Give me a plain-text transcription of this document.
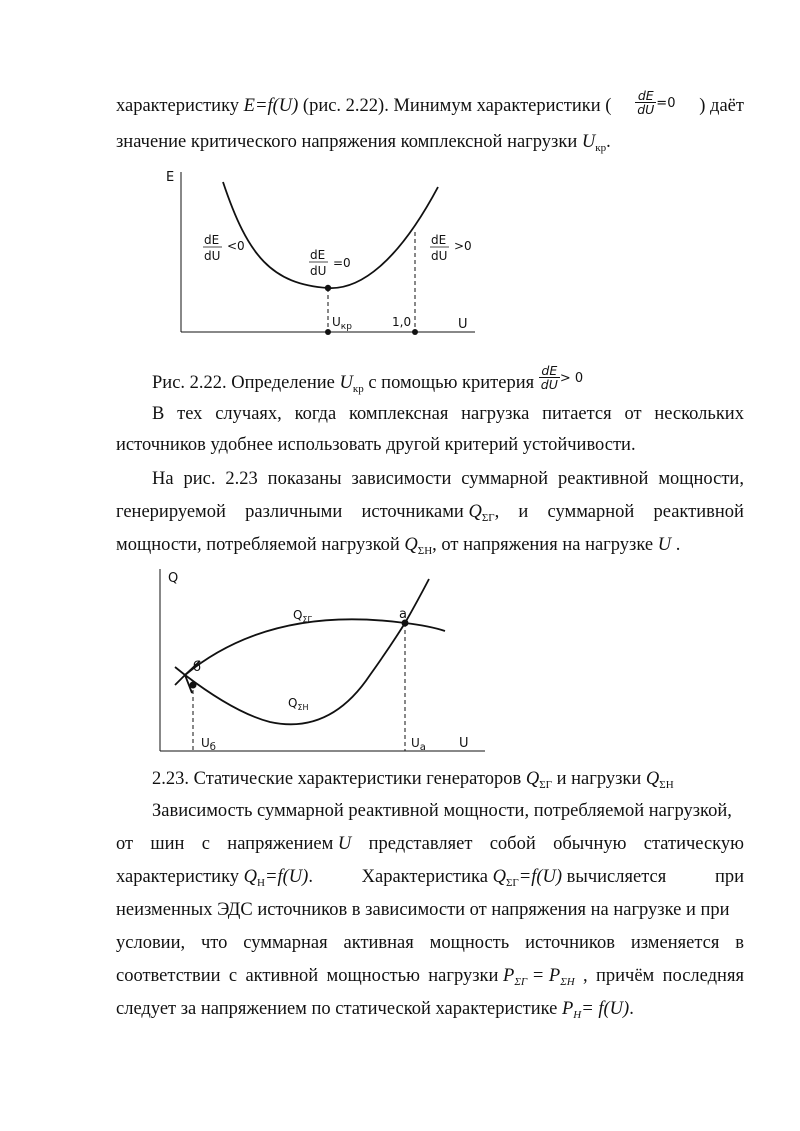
характеристику E=f(U) (рис. 2.22). Минимум характеристики ( $\frac{dE}{dU} =0$ ) даёт
значение критического напряжения комплексной нагрузки $U_{кр}$.
E
U
dE
dU
<0
dE
dU
=0
dE
dU
>0
$U_{кр}$	1,0
Рис. 2.22. Определение $U_{кр}$ с помощью критерия $\frac{dE}{dU} > 0$
В тех случаях, когда комплексная нагрузка питается от нескольких
источников удобнее использовать другой критерий устойчивости.
На рис. 2.23 показаны зависимости суммарной реактивной мощности,
генерируемой различными источниками $Q_{\Sigma Г}$, и суммарной реактивной
мощности, потребляемой нагрузкой $Q_{\Sigma Н}$, от напряжения на нагрузке U .
Q
U
$Q_{\Sigma Г}$
$Q_{\Sigma Н}$
a
б
$U_б$	$U_a$
2.23. Статические характеристики генераторов $Q_{\Sigma Г}$ и нагрузки $Q_{\Sigma Н}$
Зависимость суммарной реактивной мощности, потребляемой нагрузкой,
от шин с напряжением U представляет собой обычную статическую
характеристику $Q_Н=f(U)$.	Характеристика $Q_{\Sigma Г}=f(U)$ вычисляется	при
неизменных ЭДС источников в зависимости от напряжения на нагрузке и при
условии, что суммарная активная мощность источников изменяется в
соответствии с активной мощностью нагрузки $P_{\Sigma Г} = P_{\Sigma Н}$ , причём последняя
следует за напряжением по статической характеристике $P_Н= f(U)$.
